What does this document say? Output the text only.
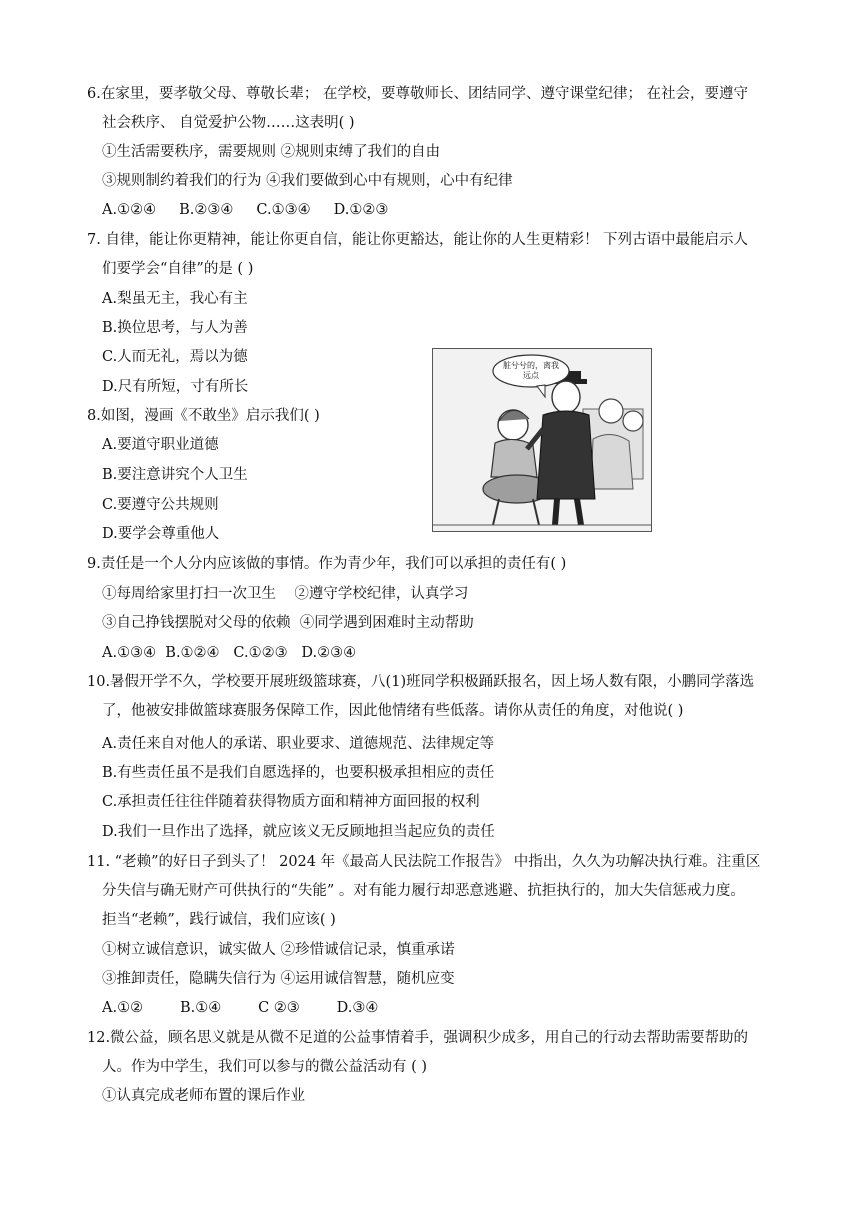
6.在家里，要孝敬父母、尊敬长辈； 在学校，要尊敬师长、团结同学、遵守课堂纪律； 在社会，要遵守
社会秩序、 自觉爱护公物……这表明( )
①生活需要秩序，需要规则 ②规则束缚了我们的自由
③规则制约着我们的行为 ④我们要做到心中有规则，心中有纪律
A.①②④     B.②③④     C.①③④     D.①②③
7. 自律，能让你更精神，能让你更自信，能让你更豁达，能让你的人生更精彩！ 下列古语中最能启示人
们要学会“自律”的是 ( )
A.梨虽无主，我心有主
B.换位思考，与人为善
C.人而无礼，焉以为德
D.尺有所短，寸有所长
8.如图，漫画《不敢坐》启示我们( )
A.要道守职业道德
B.要注意讲究个人卫生
C.要遵守公共规则
D.要学会尊重他人
脏兮兮的，离我远点
9.责任是一个人分内应该做的事情。作为青少年，我们可以承担的责任有( )
①每周给家里打扫一次卫生    ②遵守学校纪律，认真学习
③自己挣钱摆脱对父母的依赖  ④同学遇到困难时主动帮助
A.①③④  B.①②④   C.①②③   D.②③④
10.暑假开学不久，学校要开展班级篮球赛，八(1)班同学积极踊跃报名，因上场人数有限，小鹏同学落选
了，他被安排做篮球赛服务保障工作，因此他情绪有些低落。请你从责任的角度，对他说( )
A.责任来自对他人的承诺、职业要求、道德规范、法律规定等
B.有些责任虽不是我们自愿选择的，也要积极承担相应的责任
C.承担责任往往伴随着获得物质方面和精神方面回报的权利
D.我们一旦作出了选择，就应该义无反顾地担当起应负的责任
11. “老赖”的好日子到头了！ 2024 年《最高人民法院工作报告》 中指出，久久为功解决执行难。注重区
分失信与确无财产可供执行的“失能” 。对有能力履行却恶意逃避、抗拒执行的，加大失信惩戒力度。
拒当“老赖”，践行诚信，我们应该( )
①树立诚信意识，诚实做人 ②珍惜诚信记录，慎重承诺
③推卸责任，隐瞒失信行为 ④运用诚信智慧，随机应变
A.①②        B.①④        C ②③        D.③④
12.微公益，顾名思义就是从微不足道的公益事情着手，强调积少成多，用自己的行动去帮助需要帮助的
人。作为中学生，我们可以参与的微公益活动有 ( )
①认真完成老师布置的课后作业
